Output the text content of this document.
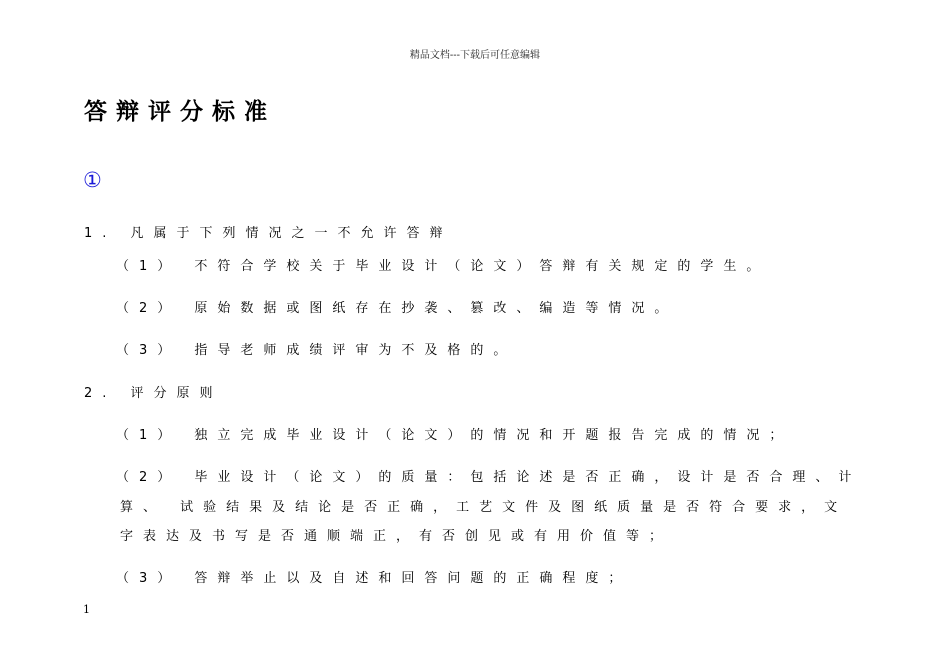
精品文档---下载后可任意编辑
答辩评分标准
①
1. 凡属于下列情况之一不允许答辩
（1） 不符合学校关于毕业设计（论文）答辩有关规定的学生。
（2） 原始数据或图纸存在抄袭、篡改、编造等情况。
（3） 指导老师成绩评审为不及格的。
2. 评分原则
（1） 独立完成毕业设计（论文）的情况和开题报告完成的情况；
（2） 毕业设计（论文）的质量：包括论述是否正确，设计是否合理、计
算、 试验结果及结论是否正确，工艺文件及图纸质量是否符合要求，文
字表达及书写是否通顺端正，有否创见或有用价值等；
（3） 答辩举止以及自述和回答问题的正确程度；
1
